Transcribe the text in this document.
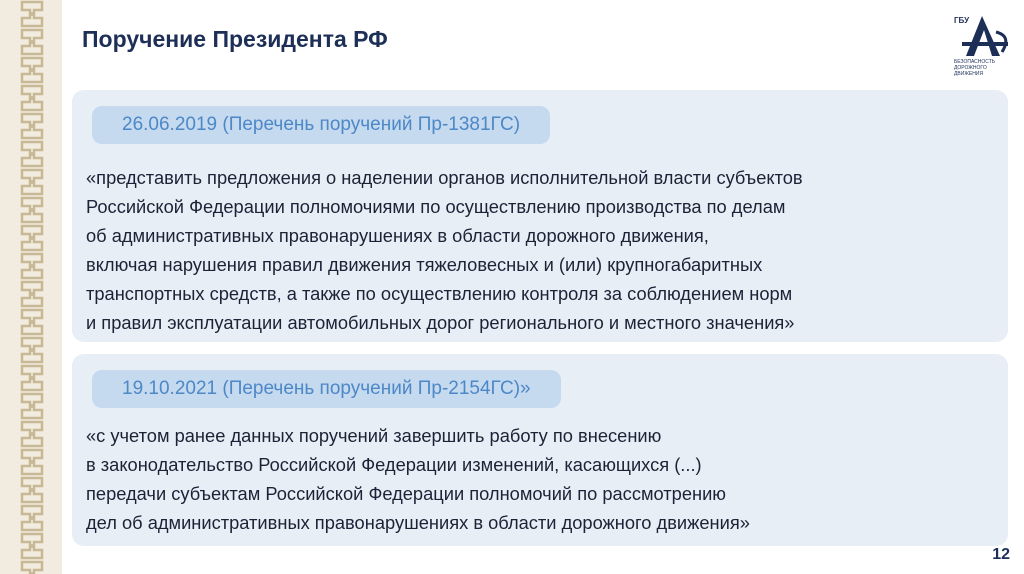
Поручение Президента РФ
ГБУ
БЕЗОПАСНОСТЬ
ДОРОЖНОГО
ДВИЖЕНИЯ
26.06.2019 (Перечень поручений Пр-1381ГС)
«представить предложения о наделении органов исполнительной власти субъектов
Российской Федерации полномочиями по осуществлению производства по делам
об административных правонарушениях в области дорожного движения,
включая нарушения правил движения тяжеловесных и (или) крупногабаритных
транспортных средств, а также по осуществлению контроля за соблюдением норм
и правил эксплуатации автомобильных дорог регионального и местного значения»
19.10.2021 (Перечень поручений Пр-2154ГС)»
«с учетом ранее данных поручений завершить работу по внесению
в законодательство Российской Федерации изменений, касающихся (...)
передачи субъектам Российской Федерации полномочий по рассмотрению
дел об административных правонарушениях в области дорожного движения»
12
